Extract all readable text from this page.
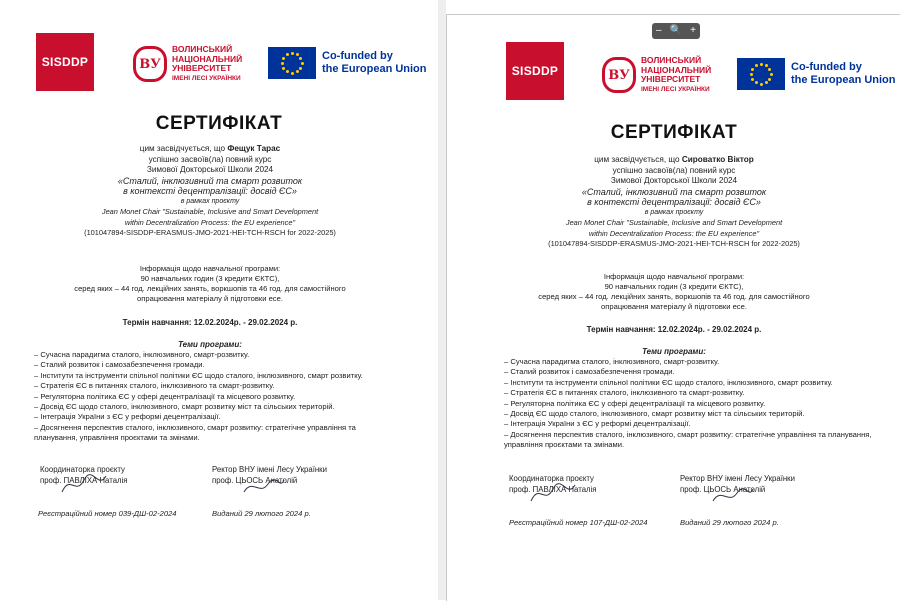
SISDDP	ВУ
ВОЛИНСЬКИЙ
НАЦІОНАЛЬНИЙ
УНІВЕРСИТЕТ
ІМЕНІ ЛЕСІ УКРАЇНКИ
Co-funded by
the European Union
СЕРТИФІКАТ
цим засвідчується, що Фещук Тарас
успішно засвоїв(ла) повний курс
Зимової Докторської Школи 2024
«Сталий, інклюзивний та смарт розвиток
в контексті децентралізації: досвід ЄС»
в рамках проєкту
Jean Monet Chair "Sustainable, Inclusive and Smart Development
within Decentralization Process: the EU experience"
(101047894-SISDDP-ERASMUS-JMO-2021-HEI-TCH-RSCH for 2022-2025)
Інформація щодо навчальної програми:
90 навчальних годин (3 кредити ЄКТС),
серед яких – 44 год. лекційних занять, воркшопів та 46 год. для самостійного
опрацювання матеріалу й підготовки есе.
Термін навчання: 12.02.2024р. - 29.02.2024 р.
Теми програми:
– Сучасна парадигма сталого, інклюзивного, смарт-розвитку.
– Сталий розвиток і самозабезпечення громади.
– Інститути та інструменти спільної політики ЄС щодо сталого, інклюзивного, смарт розвитку.
– Стратегія ЄС в питаннях сталого, інклюзивного та смарт-розвитку.
– Регуляторна політика ЄС у сфері децентралізації та місцевого розвитку.
– Досвід ЄС щодо сталого, інклюзивного, смарт розвитку міст та сільських територій.
– Інтеграція України з ЄС у реформі децентралізації.
– Досягнення перспектив сталого, інклюзивного, смарт розвитку: стратегічне управління та планування, управління проєктами та змінами.
Координаторка проєкту
проф. ПАВЛІХА Наталія
Ректор ВНУ імені Лесу Українки
проф. ЦЬОСЬ Анатолій
Реєстраційний номер 039-ДШ-02-2024	Виданий 29 лютого 2024 р.
SISDDP	ВУ
ВОЛИНСЬКИЙ
НАЦІОНАЛЬНИЙ
УНІВЕРСИТЕТ
ІМЕНІ ЛЕСІ УКРАЇНКИ
Co-funded by
the European Union
СЕРТИФІКАТ
цим засвідчується, що Сироватко Віктор
успішно засвоїв(ла) повний курс
Зимової Докторської Школи 2024
«Сталий, інклюзивний та смарт розвиток
в контексті децентралізації: досвід ЄС»
в рамках проєкту
Jean Monet Chair "Sustainable, Inclusive and Smart Development
within Decentralization Process: the EU experience"
(101047894-SISDDP-ERASMUS-JMO-2021-HEI-TCH-RSCH for 2022-2025)
Інформація щодо навчальної програми:
90 навчальних годин (3 кредити ЄКТС),
серед яких – 44 год. лекційних занять, воркшопів та 46 год. для самостійного
опрацювання матеріалу й підготовки есе.
Термін навчання: 12.02.2024р. - 29.02.2024 р.
Теми програми:
– Сучасна парадигма сталого, інклюзивного, смарт-розвитку.
– Сталий розвиток і самозабезпечення громади.
– Інститути та інструменти спільної політики ЄС щодо сталого, інклюзивного, смарт розвитку.
– Стратегія ЄС в питаннях сталого, інклюзивного та смарт-розвитку.
– Регуляторна політика ЄС у сфері децентралізації та місцевого розвитку.
– Досвід ЄС щодо сталого, інклюзивного, смарт розвитку міст та сільських територій.
– Інтеграція України з ЄС у реформі децентралізації.
– Досягнення перспектив сталого, інклюзивного, смарт розвитку: стратегічне управління та планування, управління проєктами та змінами.
Координаторка проєкту
проф. ПАВЛІХА Наталія
Ректор ВНУ імені Лесу Українки
проф. ЦЬОСЬ Анатолій
Реєстраційний номер 107-ДШ-02-2024	Виданий 29 лютого 2024 р.
– 🔍 +
